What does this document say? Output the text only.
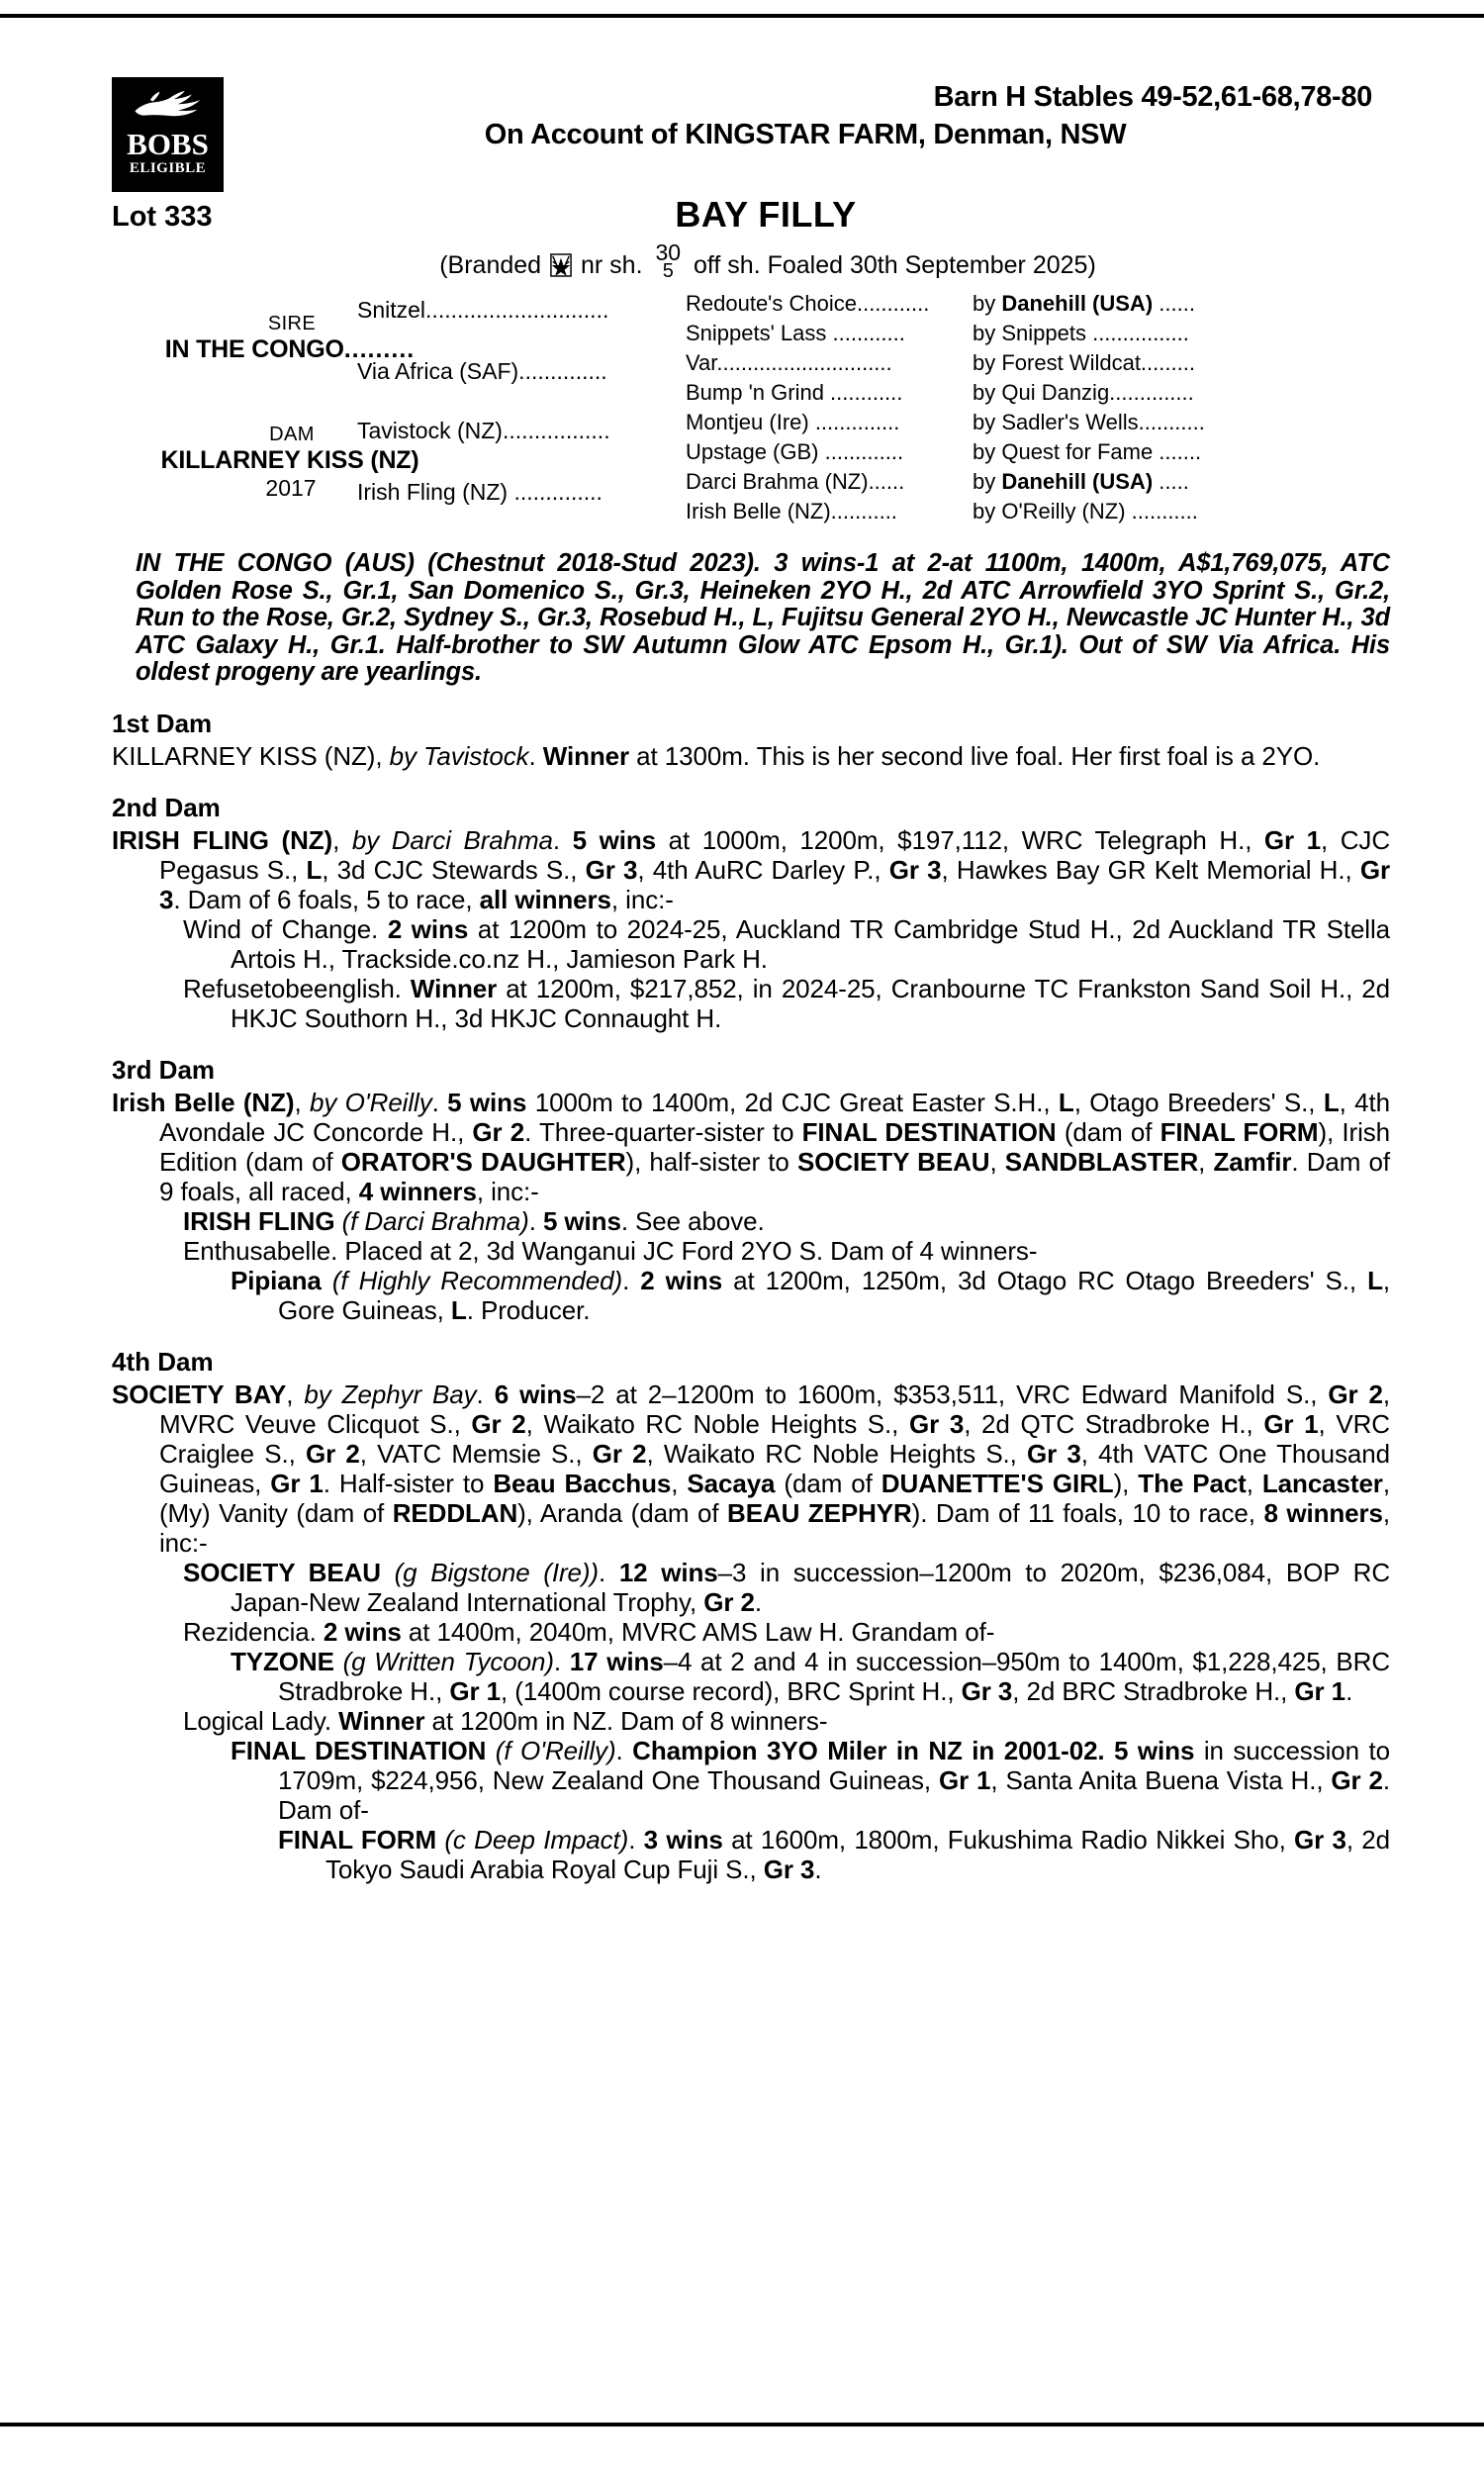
BOBS
ELIGIBLE
Barn H Stables 49-52,61-68,78-80
On Account of KINGSTAR FARM, Denman, NSW
Lot 333	BAY FILLY
(Branded nr sh. 30
5 off sh. Foaled 30th September 2025)
SIRE
IN THE CONGO.........
DAM
KILLARNEY KISS (NZ)
2017
Snitzel.............................
Via Africa (SAF)..............
Tavistock (NZ).................
Irish Fling (NZ) ..............
Redoute's Choice............	by Danehill (USA) ......
Snippets' Lass ............	by Snippets ................
Var.............................	by Forest Wildcat.........
Bump 'n Grind ............	by Qui Danzig..............
Montjeu (Ire) ..............	by Sadler's Wells...........
Upstage (GB) .............	by Quest for Fame .......
Darci Brahma (NZ)......	by Danehill (USA) .....
Irish Belle (NZ)...........	by O'Reilly (NZ) ...........
IN THE CONGO (AUS) (Chestnut 2018-Stud 2023). 3 wins-1 at 2-at 1100m, 1400m, A$1,769,075, ATC Golden Rose S., Gr.1, San Domenico S., Gr.3, Heineken 2YO H., 2d ATC Arrowfield 3YO Sprint S., Gr.2, Run to the Rose, Gr.2, Sydney S., Gr.3, Rosebud H., L, Fujitsu General 2YO H., Newcastle JC Hunter H., 3d ATC Galaxy H., Gr.1. Half-brother to SW Autumn Glow ATC Epsom H., Gr.1). Out of SW Via Africa. His oldest progeny are yearlings.
1st Dam
KILLARNEY KISS (NZ), by Tavistock. Winner at 1300m. This is her second live foal. Her first foal is a 2YO.
2nd Dam
IRISH FLING (NZ), by Darci Brahma. 5 wins at 1000m, 1200m, $197,112, WRC Telegraph H., Gr 1, CJC Pegasus S., L, 3d CJC Stewards S., Gr 3, 4th AuRC Darley P., Gr 3, Hawkes Bay GR Kelt Memorial H., Gr 3. Dam of 6 foals, 5 to race, all winners, inc:-
Wind of Change. 2 wins at 1200m to 2024-25, Auckland TR Cambridge Stud H., 2d Auckland TR Stella Artois H., Trackside.co.nz H., Jamieson Park H.
Refusetobeenglish. Winner at 1200m, $217,852, in 2024-25, Cranbourne TC Frankston Sand Soil H., 2d HKJC Southorn H., 3d HKJC Connaught H.
3rd Dam
Irish Belle (NZ), by O'Reilly. 5 wins 1000m to 1400m, 2d CJC Great Easter S.H., L, Otago Breeders' S., L, 4th Avondale JC Concorde H., Gr 2. Three-quarter-sister to FINAL DESTINATION (dam of FINAL FORM), Irish Edition (dam of ORATOR'S DAUGHTER), half-sister to SOCIETY BEAU, SANDBLASTER, Zamfir. Dam of 9 foals, all raced, 4 winners, inc:-
IRISH FLING (f Darci Brahma). 5 wins. See above.
Enthusabelle. Placed at 2, 3d Wanganui JC Ford 2YO S. Dam of 4 winners-
Pipiana (f Highly Recommended). 2 wins at 1200m, 1250m, 3d Otago RC Otago Breeders' S., L, Gore Guineas, L. Producer.
4th Dam
SOCIETY BAY, by Zephyr Bay. 6 wins–2 at 2–1200m to 1600m, $353,511, VRC Edward Manifold S., Gr 2, MVRC Veuve Clicquot S., Gr 2, Waikato RC Noble Heights S., Gr 3, 2d QTC Stradbroke H., Gr 1, VRC Craiglee S., Gr 2, VATC Memsie S., Gr 2, Waikato RC Noble Heights S., Gr 3, 4th VATC One Thousand Guineas, Gr 1. Half-sister to Beau Bacchus, Sacaya (dam of DUANETTE'S GIRL), The Pact, Lancaster, (My) Vanity (dam of REDDLAN), Aranda (dam of BEAU ZEPHYR). Dam of 11 foals, 10 to race, 8 winners, inc:-
SOCIETY BEAU (g Bigstone (Ire)). 12 wins–3 in succession–1200m to 2020m, $236,084, BOP RC Japan-New Zealand International Trophy, Gr 2.
Rezidencia. 2 wins at 1400m, 2040m, MVRC AMS Law H. Grandam of-
TYZONE (g Written Tycoon). 17 wins–4 at 2 and 4 in succession–950m to 1400m, $1,228,425, BRC Stradbroke H., Gr 1, (1400m course record), BRC Sprint H., Gr 3, 2d BRC Stradbroke H., Gr 1.
Logical Lady. Winner at 1200m in NZ. Dam of 8 winners-
FINAL DESTINATION (f O'Reilly). Champion 3YO Miler in NZ in 2001-02. 5 wins in succession to 1709m, $224,956, New Zealand One Thousand Guineas, Gr 1, Santa Anita Buena Vista H., Gr 2. Dam of-
FINAL FORM (c Deep Impact). 3 wins at 1600m, 1800m, Fukushima Radio Nikkei Sho, Gr 3, 2d Tokyo Saudi Arabia Royal Cup Fuji S., Gr 3.
